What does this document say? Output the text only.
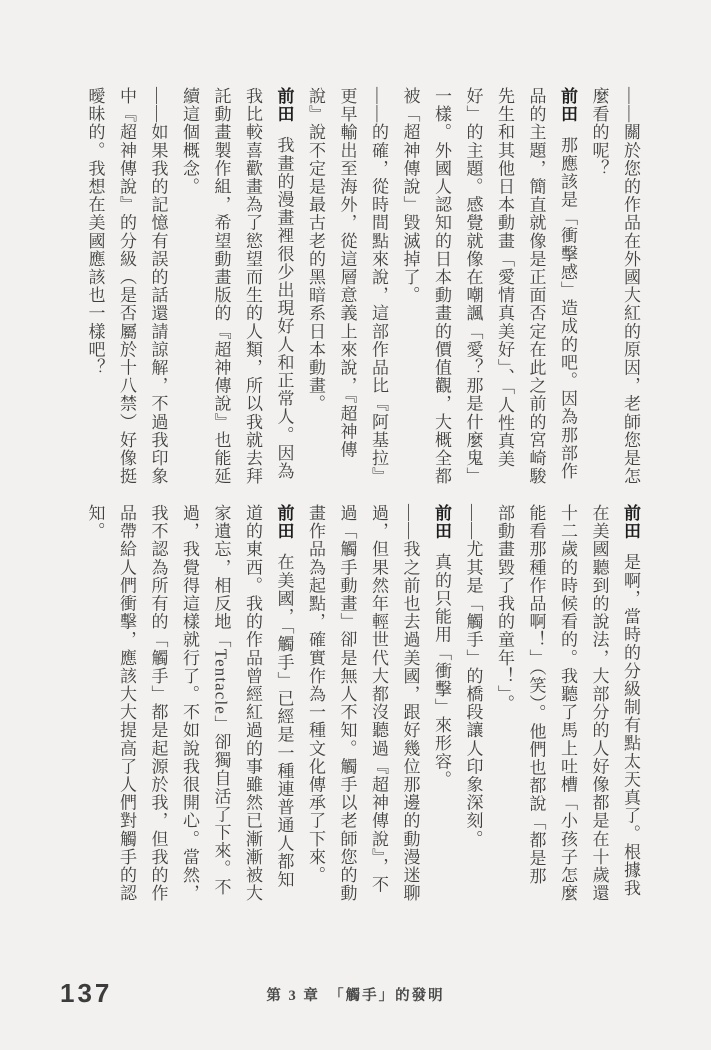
——關於您的作品在外國大紅的原因，老師您是怎麼看的呢？

前田那應該是「衝擊感」造成的吧。因為那部作品的主題，簡直就像是正面否定在此之前的宮崎駿先生和其他日本動畫「愛情真美好」、「人性真美好」的主題。感覺就像在嘲諷「愛？那是什麼鬼」一樣。外國人認知的日本動畫的價值觀，大概全都被「超神傳說」毀滅掉了。

——的確，從時間點來說，這部作品比『阿基拉』更早輸出至海外，從這層意義上來說，『超神傳說』說不定是最古老的黑暗系日本動畫。

前田我畫的漫畫裡很少出現好人和正常人。因為我比較喜歡畫為了慾望而生的人類，所以我就去拜託動畫製作組，希望動畫版的『超神傳說』也能延續這個概念。

——如果我的記憶有誤的話還請諒解，不過我印象中『超神傳說』的分級（是否屬於十八禁）好像挺曖昧的。我想在美國應該也一樣吧？

前田是啊，當時的分級制有點太天真了。根據我在美國聽到的說法，大部分的人好像都是在十歲還十二歲的時候看的。我聽了馬上吐槽「小孩子怎麼能看那種作品啊！」（笑）。他們也都說「都是那部動畫毀了我的童年！」。

——尤其是「觸手」的橋段讓人印象深刻。

前田真的只能用「衝擊」來形容。

——我之前也去過美國，跟好幾位那邊的動漫迷聊過，但果然年輕世代大都沒聽過『超神傳說』，不過「觸手動畫」卻是無人不知。觸手以老師您的動畫作品為起點，確實作為一種文化傳承了下來。

前田在美國，「觸手」已經是一種連普通人都知道的東西。我的作品曾經紅過的事雖然已漸漸被大家遺忘，相反地「Tentacle」卻獨自活了下來。不過，我覺得這樣就行了。不如說我很開心。當然，我不認為所有的「觸手」都是起源於我，但我的作品帶給人們衝擊，應該大大提高了人們對觸手的認知。

137	第 3 章　「觸手」的發明
